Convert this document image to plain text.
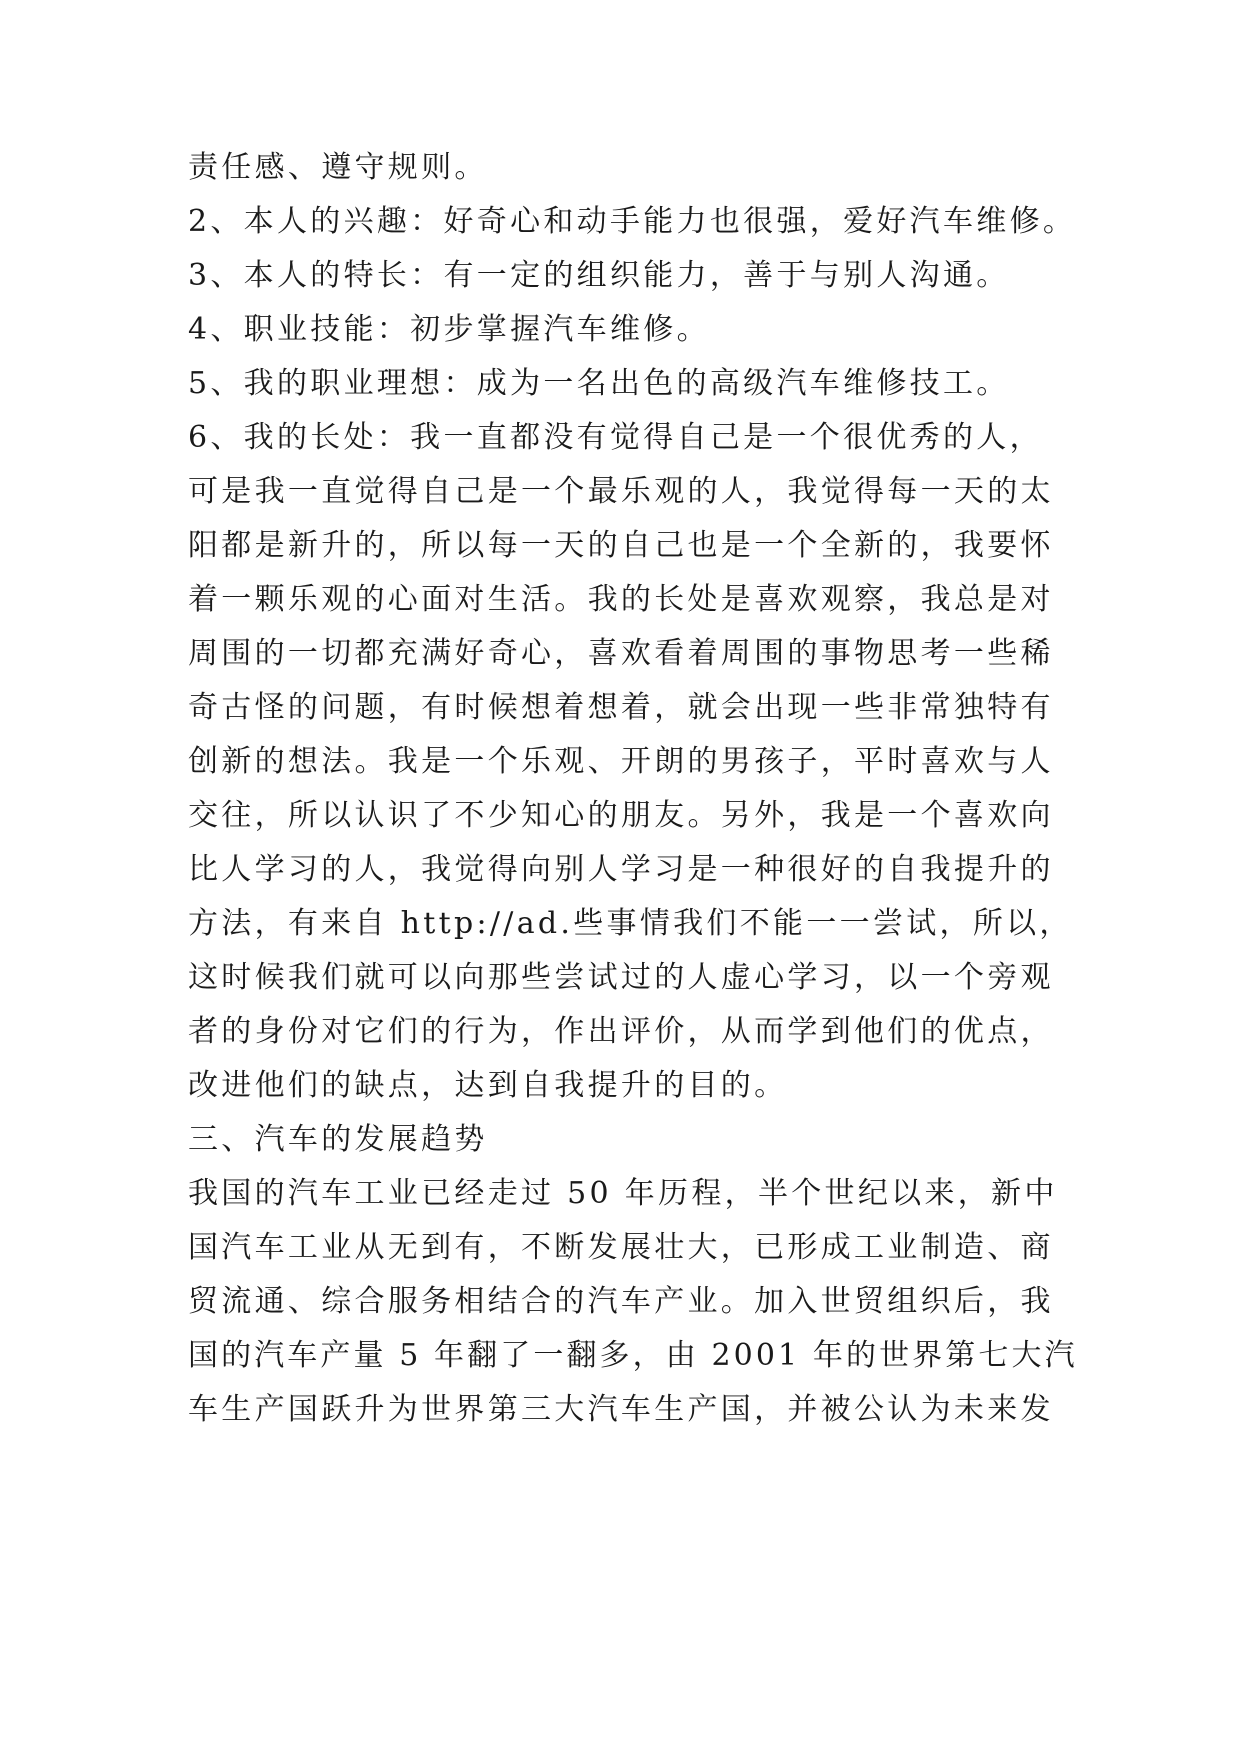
责任感、遵守规则。

2、本人的兴趣：好奇心和动手能力也很强，爱好汽车维修。

3、本人的特长：有一定的组织能力，善于与别人沟通。

4、职业技能：初步掌握汽车维修。

5、我的职业理想：成为一名出色的高级汽车维修技工。

6、我的长处：我一直都没有觉得自己是一个很优秀的人，

可是我一直觉得自己是一个最乐观的人，我觉得每一天的太

阳都是新升的，所以每一天的自己也是一个全新的，我要怀

着一颗乐观的心面对生活。我的长处是喜欢观察，我总是对

周围的一切都充满好奇心，喜欢看着周围的事物思考一些稀

奇古怪的问题，有时候想着想着，就会出现一些非常独特有

创新的想法。我是一个乐观、开朗的男孩子，平时喜欢与人

交往，所以认识了不少知心的朋友。另外，我是一个喜欢向

比人学习的人，我觉得向别人学习是一种很好的自我提升的

方法，有来自 http://ad.些事情我们不能一一尝试，所以，

这时候我们就可以向那些尝试过的人虚心学习，以一个旁观

者的身份对它们的行为，作出评价，从而学到他们的优点，

改进他们的缺点，达到自我提升的目的。

三、汽车的发展趋势

我国的汽车工业已经走过 50 年历程，半个世纪以来，新中

国汽车工业从无到有，不断发展壮大，已形成工业制造、商

贸流通、综合服务相结合的汽车产业。加入世贸组织后，我

国的汽车产量 5 年翻了一翻多，由 2001 年的世界第七大汽

车生产国跃升为世界第三大汽车生产国，并被公认为未来发
